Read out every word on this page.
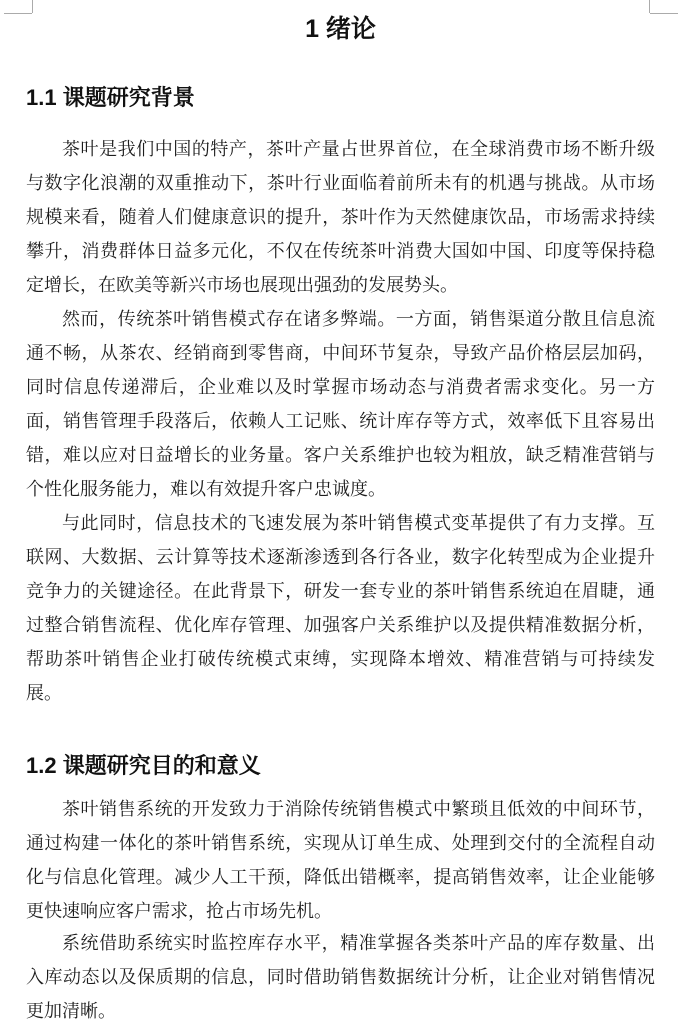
1 绪论
1.1 课题研究背景

茶叶是我们中国的特产，茶叶产量占世界首位，在全球消费市场不断升级与数字化浪潮的双重推动下，茶叶行业面临着前所未有的机遇与挑战。从市场规模来看，随着人们健康意识的提升，茶叶作为天然健康饮品，市场需求持续攀升，消费群体日益多元化，不仅在传统茶叶消费大国如中国、印度等保持稳定增长，在欧美等新兴市场也展现出强劲的发展势头。

然而，传统茶叶销售模式存在诸多弊端。一方面，销售渠道分散且信息流通不畅，从茶农、经销商到零售商，中间环节复杂，导致产品价格层层加码，同时信息传递滞后，企业难以及时掌握市场动态与消费者需求变化。另一方面，销售管理手段落后，依赖人工记账、统计库存等方式，效率低下且容易出错，难以应对日益增长的业务量。客户关系维护也较为粗放，缺乏精准营销与个性化服务能力，难以有效提升客户忠诚度。

与此同时，信息技术的飞速发展为茶叶销售模式变革提供了有力支撑。互联网、大数据、云计算等技术逐渐渗透到各行各业，数字化转型成为企业提升竞争力的关键途径。在此背景下，研发一套专业的茶叶销售系统迫在眉睫，通过整合销售流程、优化库存管理、加强客户关系维护以及提供精准数据分析，帮助茶叶销售企业打破传统模式束缚，实现降本增效、精准营销与可持续发展。

1.2 课题研究目的和意义

茶叶销售系统的开发致力于消除传统销售模式中繁琐且低效的中间环节，通过构建一体化的茶叶销售系统，实现从订单生成、处理到交付的全流程自动化与信息化管理。减少人工干预，降低出错概率，提高销售效率，让企业能够更快速响应客户需求，抢占市场先机。

系统借助系统实时监控库存水平，精准掌握各类茶叶产品的库存数量、出入库动态以及保质期的信息，同时借助销售数据统计分析，让企业对销售情况更加清晰。
